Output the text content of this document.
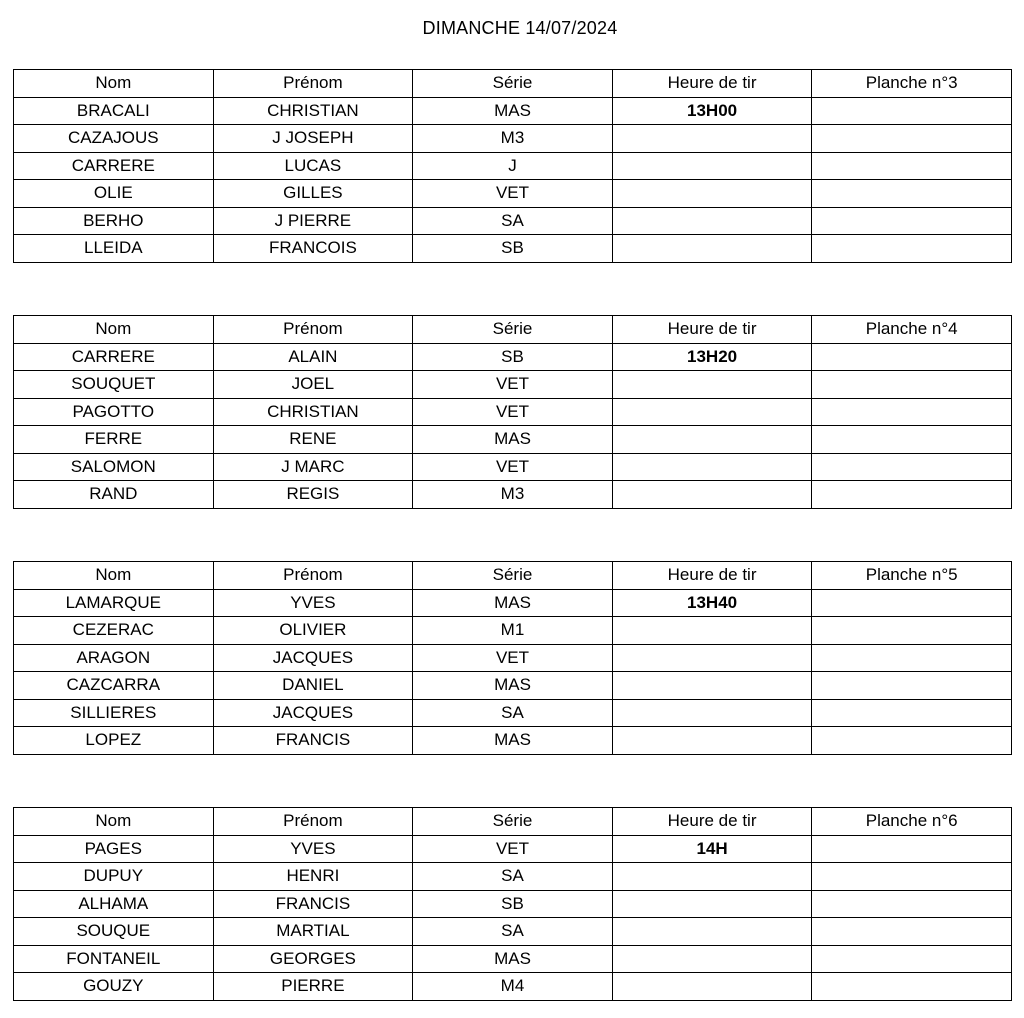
DIMANCHE 14/07/2024
Nom	Prénom	Série	Heure de tir	Planche n°3
BRACALI	CHRISTIAN	MAS	13H00	
CAZAJOUS	J JOSEPH	M3		
CARRERE	LUCAS	J		
OLIE	GILLES	VET		
BERHO	J PIERRE	SA		
LLEIDA	FRANCOIS	SB		
Nom	Prénom	Série	Heure de tir	Planche n°4
CARRERE	ALAIN	SB	13H20	
SOUQUET	JOEL	VET		
PAGOTTO	CHRISTIAN	VET		
FERRE	RENE	MAS		
SALOMON	J MARC	VET		
RAND	REGIS	M3		
Nom	Prénom	Série	Heure de tir	Planche n°5
LAMARQUE	YVES	MAS	13H40	
CEZERAC	OLIVIER	M1		
ARAGON	JACQUES	VET		
CAZCARRA	DANIEL	MAS		
SILLIERES	JACQUES	SA		
LOPEZ	FRANCIS	MAS		
Nom	Prénom	Série	Heure de tir	Planche n°6
PAGES	YVES	VET	14H	
DUPUY	HENRI	SA		
ALHAMA	FRANCIS	SB		
SOUQUE	MARTIAL	SA		
FONTANEIL	GEORGES	MAS		
GOUZY	PIERRE	M4		
